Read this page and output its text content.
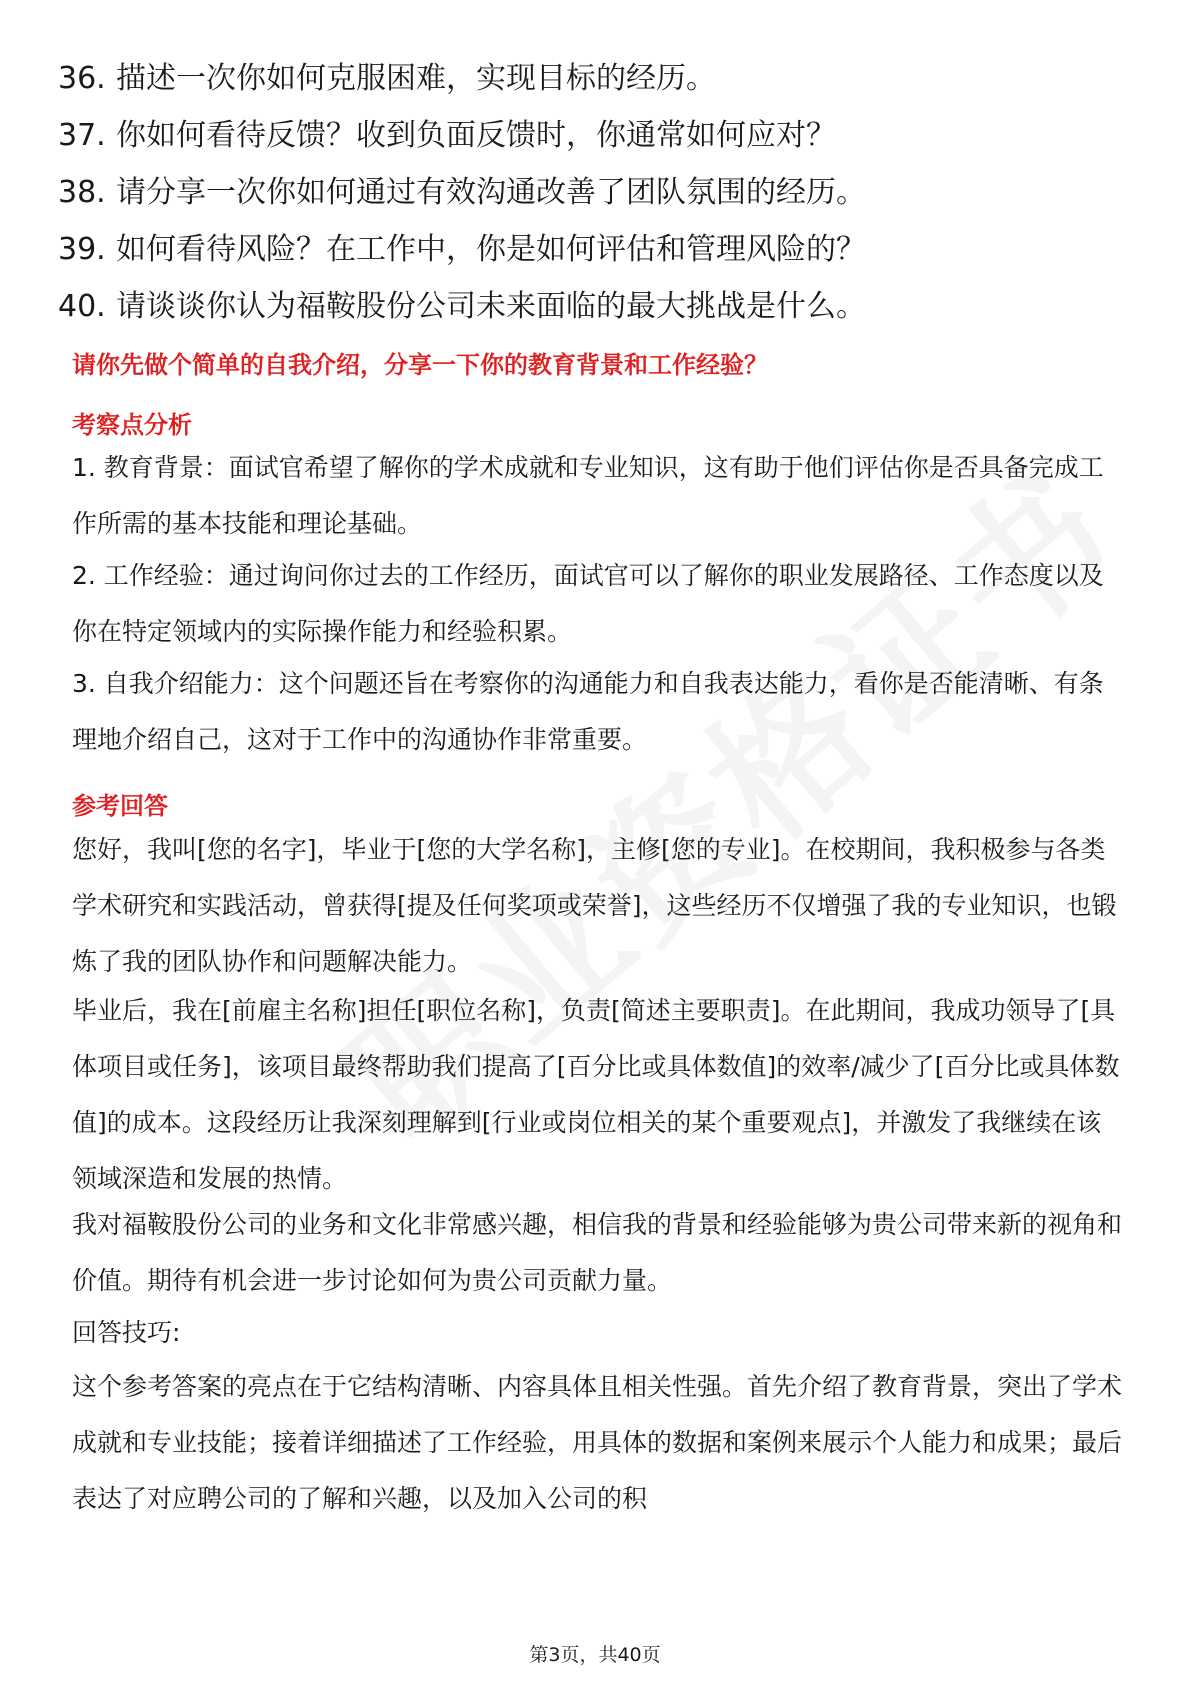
36. 描述一次你如何克服困难，实现目标的经历。
37. 你如何看待反馈？收到负面反馈时，你通常如何应对？
38. 请分享一次你如何通过有效沟通改善了团队氛围的经历。
39. 如何看待风险？在工作中，你是如何评估和管理风险的？
40. 请谈谈你认为福鞍股份公司未来面临的最大挑战是什么。
请你先做个简单的自我介绍，分享一下你的教育背景和工作经验？
考察点分析
1. 教育背景：面试官希望了解你的学术成就和专业知识，这有助于他们评估你是否具备完成工作所需的基本技能和理论基础。
2. 工作经验：通过询问你过去的工作经历，面试官可以了解你的职业发展路径、工作态度以及你在特定领域内的实际操作能力和经验积累。
3. 自我介绍能力：这个问题还旨在考察你的沟通能力和自我表达能力，看你是否能清晰、有条理地介绍自己，这对于工作中的沟通协作非常重要。
参考回答
您好，我叫[您的名字]，毕业于[您的大学名称]，主修[您的专业]。在校期间，我积极参与各类学术研究和实践活动，曾获得[提及任何奖项或荣誉]，这些经历不仅增强了我的专业知识，也锻炼了我的团队协作和问题解决能力。
毕业后，我在[前雇主名称]担任[职位名称]，负责[简述主要职责]。在此期间，我成功领导了[具体项目或任务]，该项目最终帮助我们提高了[百分比或具体数值]的效率/减少了[百分比或具体数值]的成本。这段经历让我深刻理解到[行业或岗位相关的某个重要观点]，并激发了我继续在该领域深造和发展的热情。
我对福鞍股份公司的业务和文化非常感兴趣，相信我的背景和经验能够为贵公司带来新的视角和价值。期待有机会进一步讨论如何为贵公司贡献力量。
回答技巧:
这个参考答案的亮点在于它结构清晰、内容具体且相关性强。首先介绍了教育背景，突出了学术成就和专业技能；接着详细描述了工作经验，用具体的数据和案例来展示个人能力和成果；最后表达了对应聘公司的了解和兴趣，以及加入公司的积
第3页，共40页
